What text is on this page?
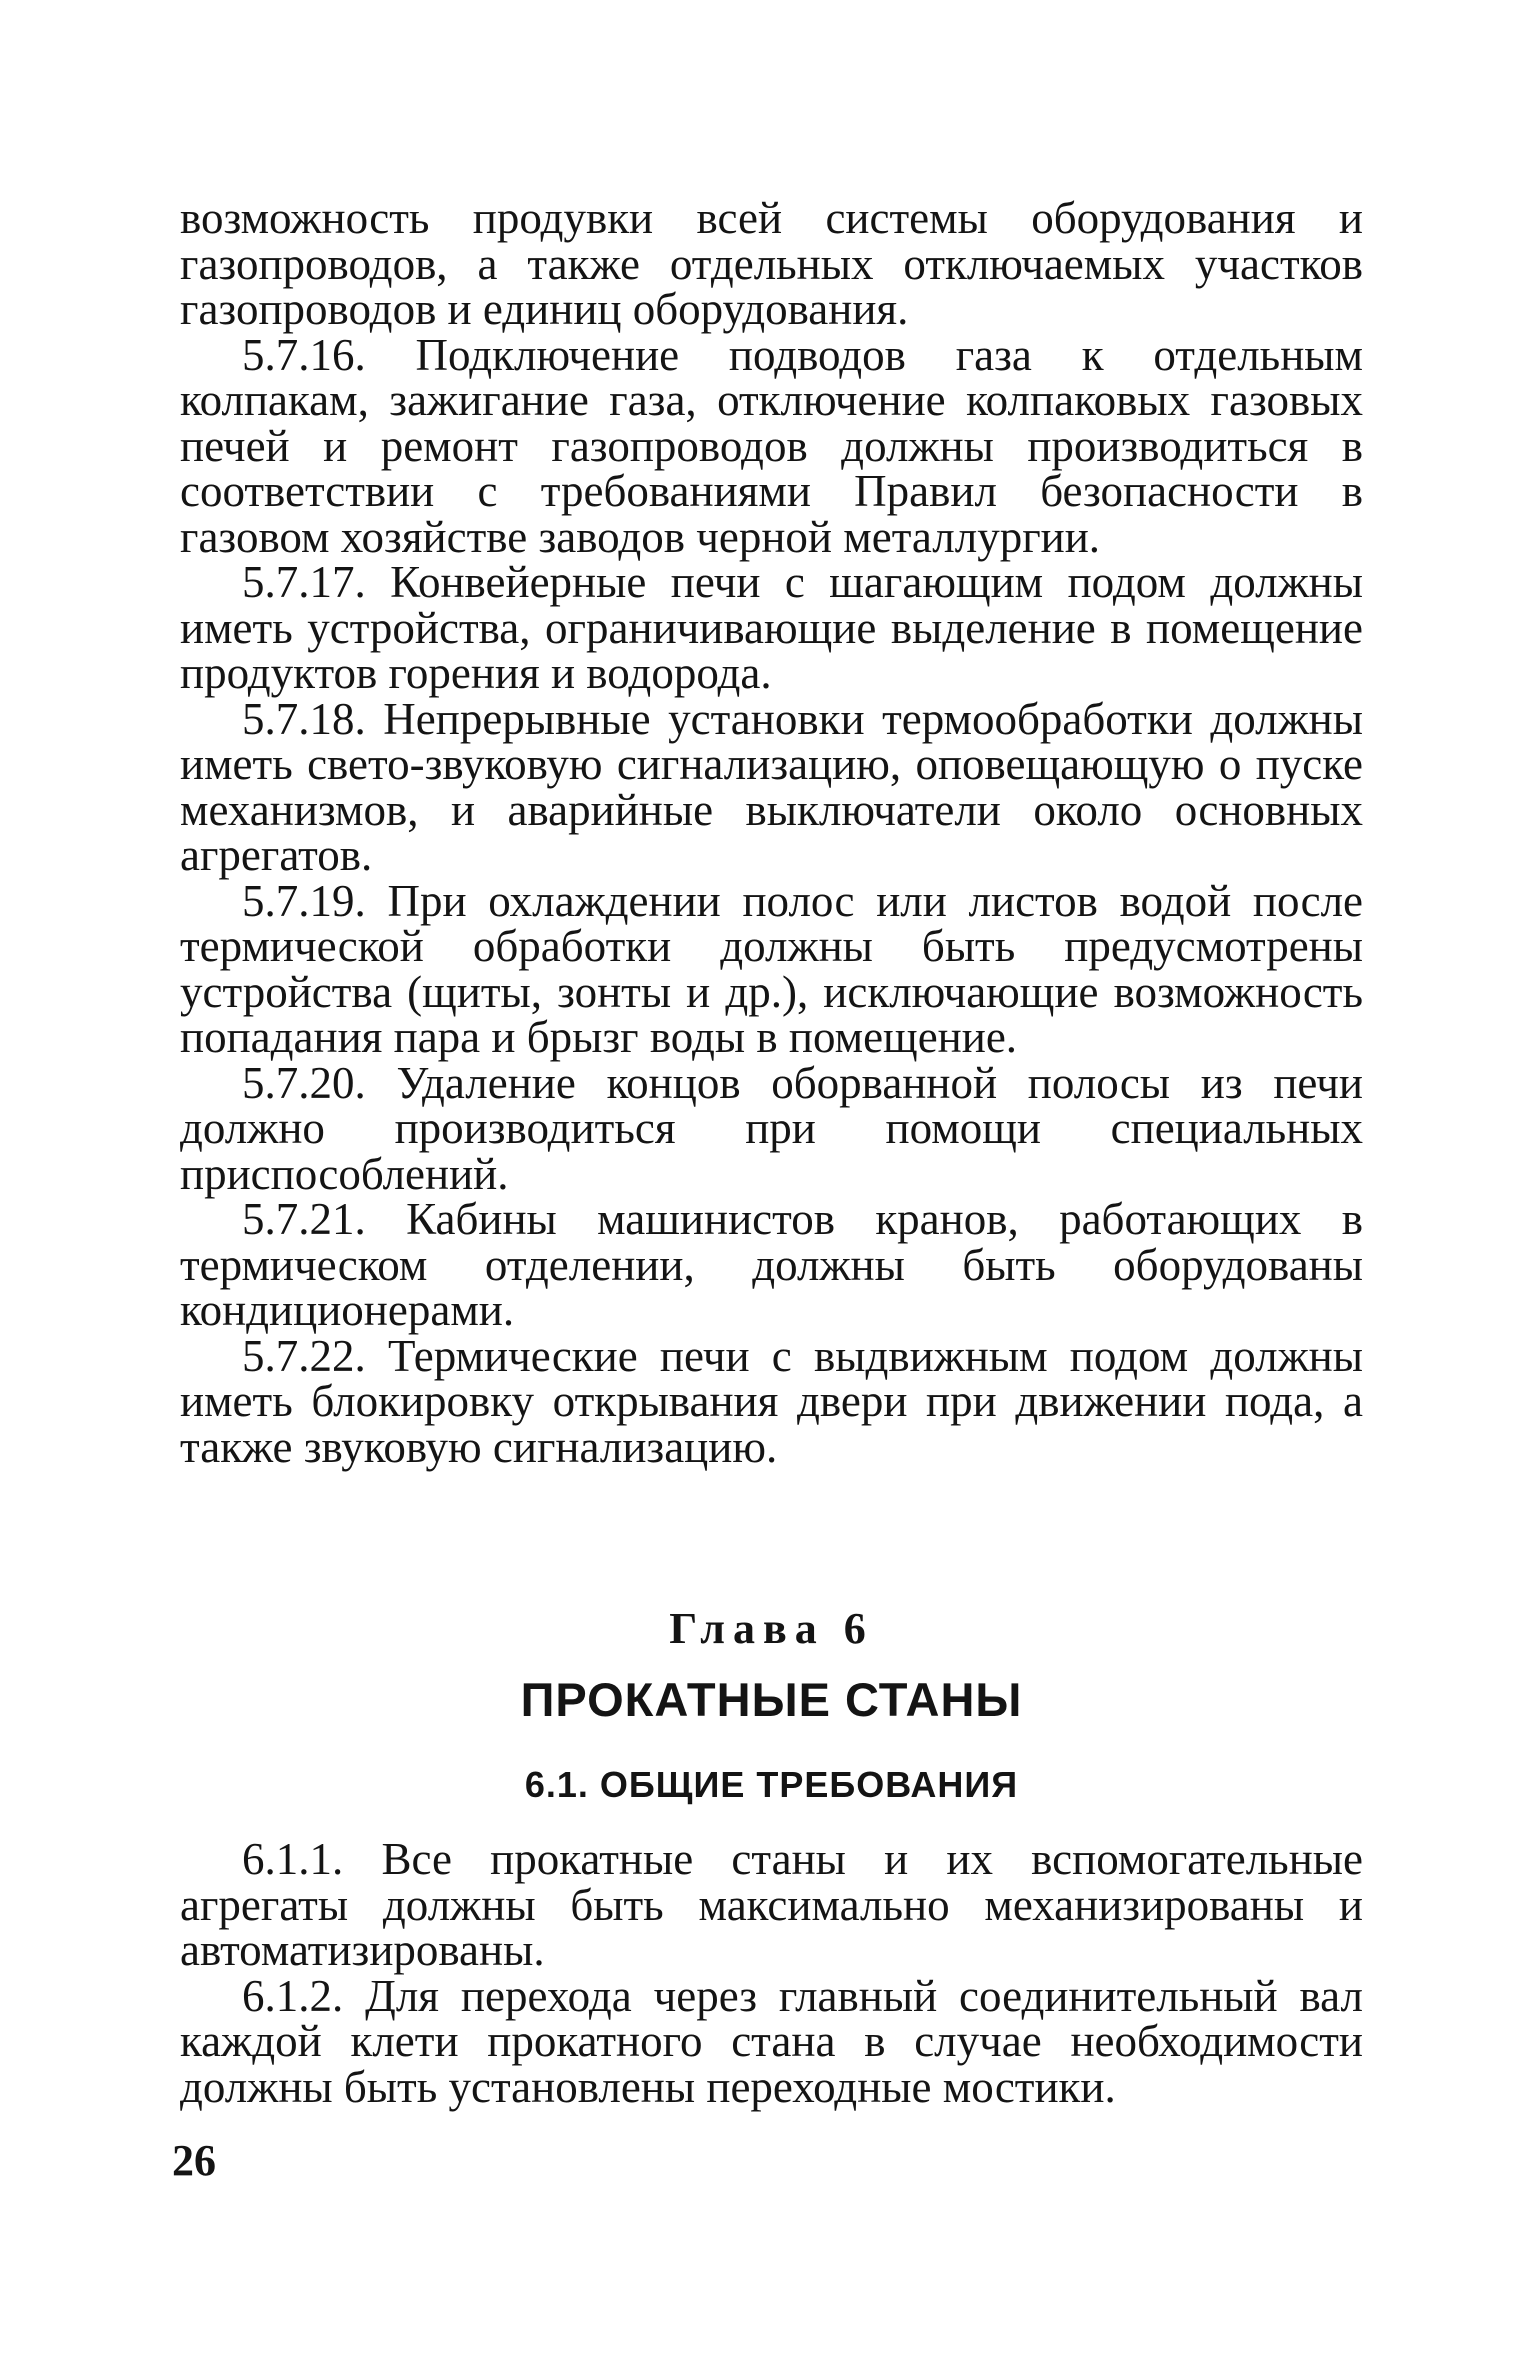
возможность продувки всей системы оборудования и газопроводов, а также отдельных отключаемых участков газопроводов и единиц оборудования.

5.7.16. Подключение подводов газа к отдельным колпакам, зажигание газа, отключение колпаковых газовых печей и ремонт газопроводов должны производиться в соответствии с требованиями Правил безопасности в газовом хозяйстве заводов черной металлургии.

5.7.17. Конвейерные печи с шагающим подом должны иметь устройства, ограничивающие выделение в помещение продуктов горения и водорода.

5.7.18. Непрерывные установки термообработки должны иметь свето-звуковую сигнализацию, оповещающую о пуске механизмов, и аварийные выключатели около основных агрегатов.

5.7.19. При охлаждении полос или листов водой после термической обработки должны быть предусмотрены устройства (щиты, зонты и др.), исключающие возможность попадания пара и брызг воды в помещение.

5.7.20. Удаление концов оборванной полосы из печи должно производиться при помощи специальных приспособлений.

5.7.21. Кабины машинистов кранов, работающих в термическом отделении, должны быть оборудованы кондиционерами.

5.7.22. Термические печи с выдвижным подом должны иметь блокировку открывания двери при движении пода, а также звуковую сигнализацию.

Глава 6
ПРОКАТНЫЕ СТАНЫ
6.1. ОБЩИЕ ТРЕБОВАНИЯ

6.1.1. Все прокатные станы и их вспомогательные агрегаты должны быть максимально механизированы и автоматизированы.

6.1.2. Для перехода через главный соединительный вал каждой клети прокатного стана в случае необходимости должны быть установлены переходные мостики.

26
